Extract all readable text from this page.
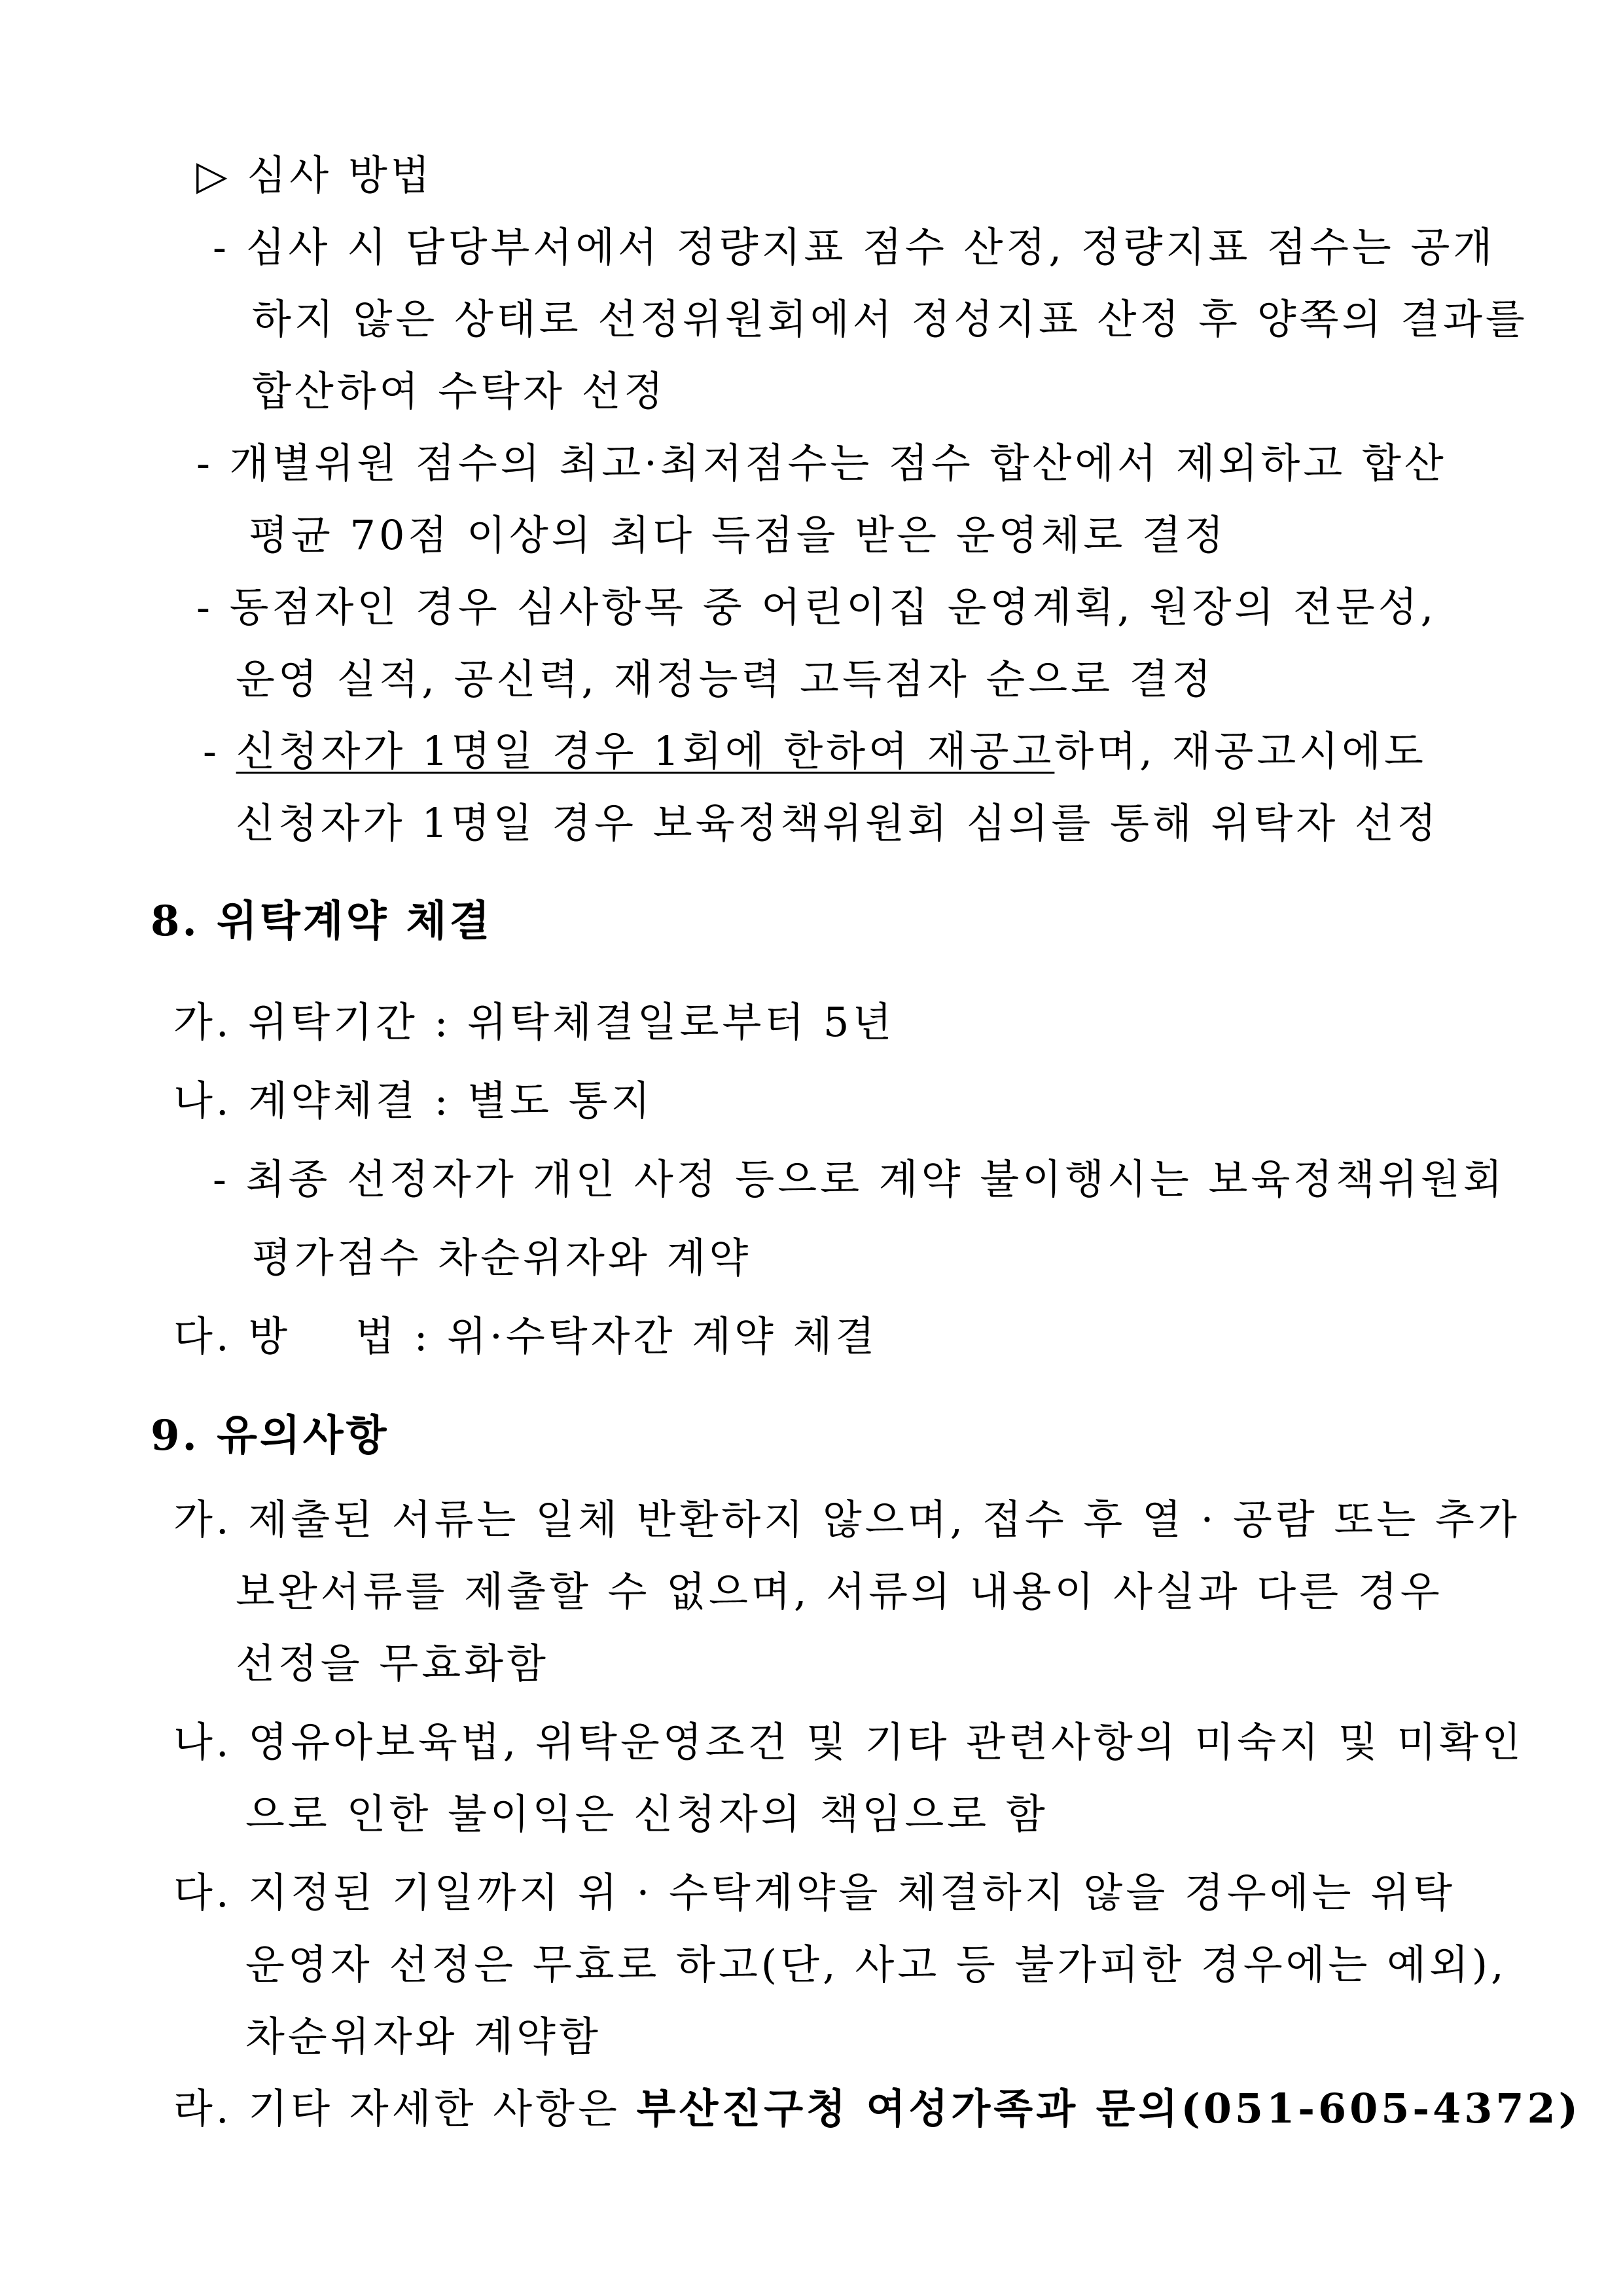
▷ 심사 방법
- 심사 시 담당부서에서 정량지표 점수 산정, 정량지표 점수는 공개
하지 않은 상태로 선정위원회에서 정성지표 산정 후 양쪽의 결과를
합산하여 수탁자 선정
- 개별위원 점수의 최고·최저점수는 점수 합산에서 제외하고 합산
평균 70점 이상의 최다 득점을 받은 운영체로 결정
- 동점자인 경우 심사항목 중 어린이집 운영계획, 원장의 전문성,
운영 실적, 공신력, 재정능력 고득점자 순으로 결정
- 신청자가 1명일 경우 1회에 한하여 재공고하며, 재공고시에도
신청자가 1명일 경우 보육정책위원회 심의를 통해 위탁자 선정
8. 위탁계약 체결
가. 위탁기간 : 위탁체결일로부터 5년
나. 계약체결 : 별도 통지
- 최종 선정자가 개인 사정 등으로 계약 불이행시는 보육정책위원회
평가점수 차순위자와 계약
다. 방    법 : 위·수탁자간 계약 체결
9. 유의사항
가. 제출된 서류는 일체 반환하지 않으며, 접수 후 열 · 공람 또는 추가
보완서류를 제출할 수 없으며, 서류의 내용이 사실과 다른 경우
선정을 무효화함
나. 영유아보육법, 위탁운영조건 및 기타 관련사항의 미숙지 및 미확인
으로 인한 불이익은 신청자의 책임으로 함
다. 지정된 기일까지 위 · 수탁계약을 체결하지 않을 경우에는 위탁
운영자 선정은 무효로 하고(단, 사고 등 불가피한 경우에는 예외),
차순위자와 계약함
라. 기타 자세한 사항은 부산진구청 여성가족과 문의(051-605-4372)
